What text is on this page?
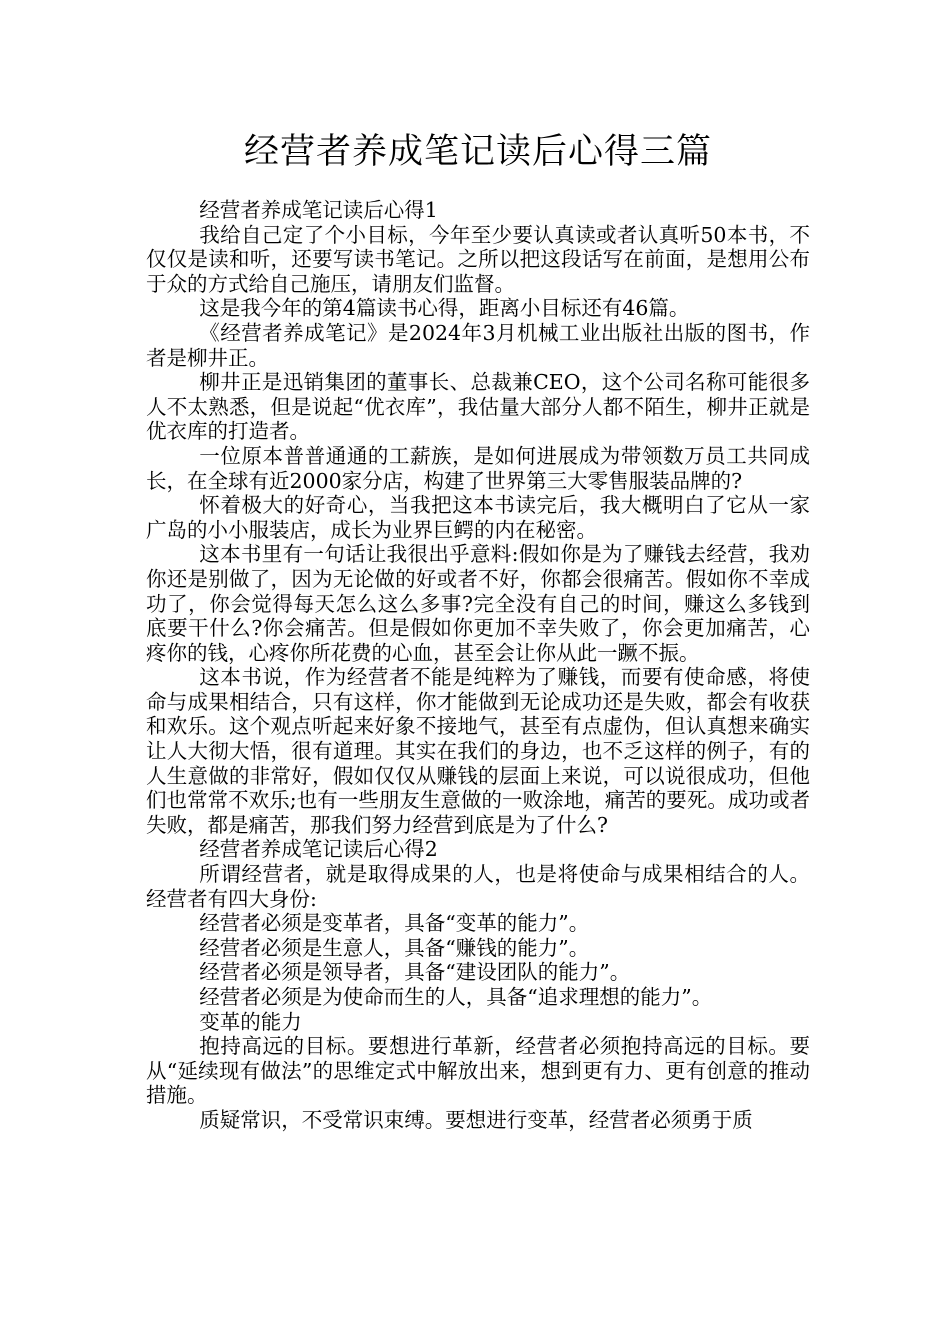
经营者养成笔记读后心得三篇

经营者养成笔记读后心得1

我给自己定了个小目标，今年至少要认真读或者认真听50本书，不仅仅是读和听，还要写读书笔记。之所以把这段话写在前面，是想用公布于众的方式给自己施压，请朋友们监督。

这是我今年的第4篇读书心得，距离小目标还有46篇。

《经营者养成笔记》是2024年3月机械工业出版社出版的图书，作者是柳井正。

柳井正是迅销集团的董事长、总裁兼CEO，这个公司名称可能很多人不太熟悉，但是说起“优衣库”，我估量大部分人都不陌生，柳井正就是优衣库的打造者。

一位原本普普通通的工薪族，是如何进展成为带领数万员工共同成长，在全球有近2000家分店，构建了世界第三大零售服装品牌的?

怀着极大的好奇心，当我把这本书读完后，我大概明白了它从一家广岛的小小服装店，成长为业界巨鳄的内在秘密。

这本书里有一句话让我很出乎意料:假如你是为了赚钱去经营，我劝你还是别做了，因为无论做的好或者不好，你都会很痛苦。假如你不幸成功了，你会觉得每天怎么这么多事?完全没有自己的时间，赚这么多钱到底要干什么?你会痛苦。但是假如你更加不幸失败了，你会更加痛苦，心疼你的钱，心疼你所花费的心血，甚至会让你从此一蹶不振。

这本书说，作为经营者不能是纯粹为了赚钱，而要有使命感，将使命与成果相结合，只有这样，你才能做到无论成功还是失败，都会有收获和欢乐。这个观点听起来好象不接地气，甚至有点虚伪，但认真想来确实让人大彻大悟，很有道理。其实在我们的身边，也不乏这样的例子，有的人生意做的非常好，假如仅仅从赚钱的层面上来说，可以说很成功，但他们也常常不欢乐;也有一些朋友生意做的一败涂地，痛苦的要死。成功或者失败，都是痛苦，那我们努力经营到底是为了什么?

经营者养成笔记读后心得2

所谓经营者，就是取得成果的人，也是将使命与成果相结合的人。经营者有四大身份:

经营者必须是变革者，具备“变革的能力”。

经营者必须是生意人，具备“赚钱的能力”。

经营者必须是领导者，具备“建设团队的能力”。

经营者必须是为使命而生的人，具备“追求理想的能力”。

变革的能力

抱持高远的目标。要想进行革新，经营者必须抱持高远的目标。要从“延续现有做法”的思维定式中解放出来，想到更有力、更有创意的推动措施。

质疑常识，不受常识束缚。要想进行变革，经营者必须勇于质
